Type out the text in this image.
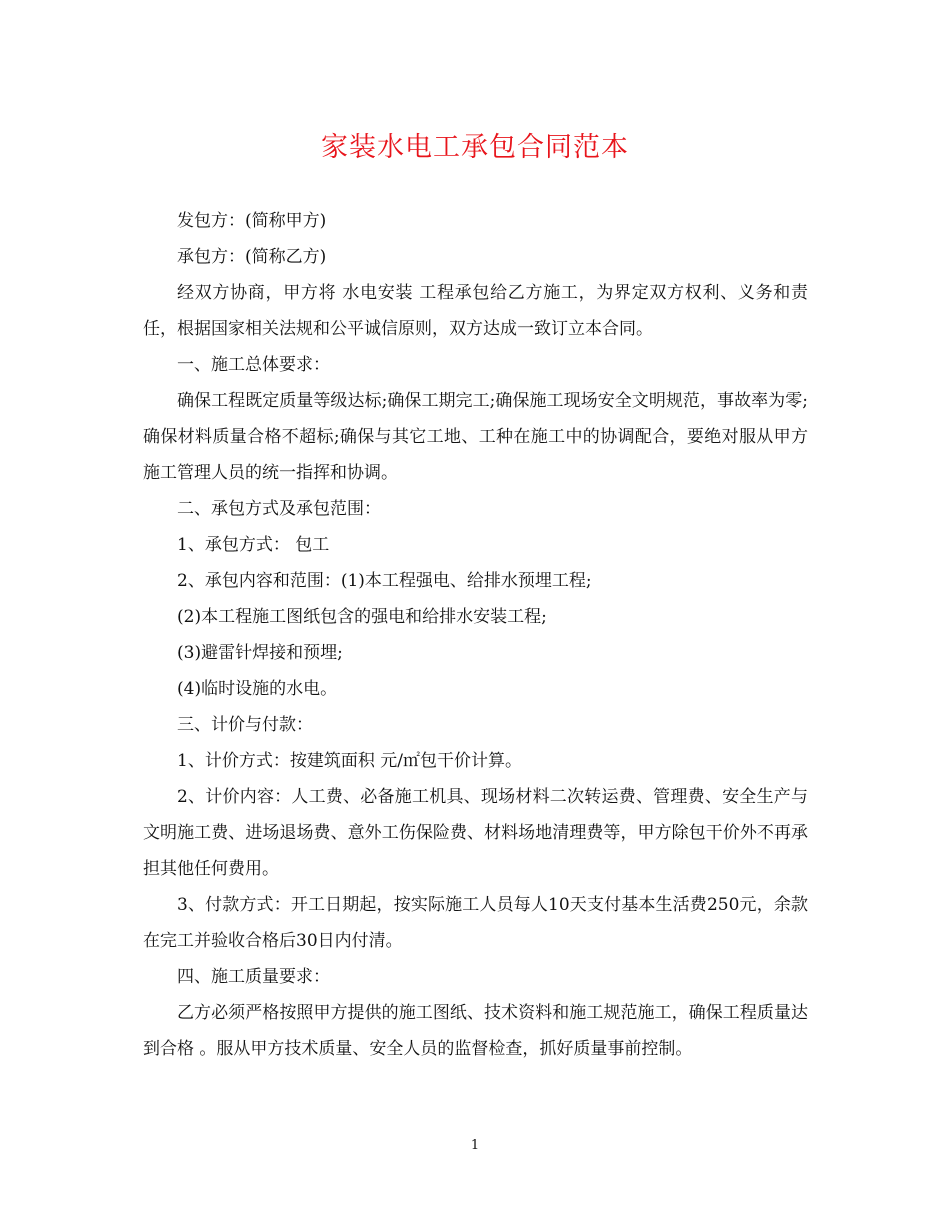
家装水电工承包合同范本

发包方：(简称甲方)

承包方：(简称乙方)

经双方协商，甲方将 水电安装 工程承包给乙方施工，为界定双方权利、义务和责任，根据国家相关法规和公平诚信原则，双方达成一致订立本合同。

一、施工总体要求：

确保工程既定质量等级达标;确保工期完工;确保施工现场安全文明规范，事故率为零;确保材料质量合格不超标;确保与其它工地、工种在施工中的协调配合，要绝对服从甲方施工管理人员的统一指挥和协调。

二、承包方式及承包范围：

1、承包方式： 包工

2、承包内容和范围：(1)本工程强电、给排水预埋工程;

(2)本工程施工图纸包含的强电和给排水安装工程;

(3)避雷针焊接和预埋;

(4)临时设施的水电。

三、计价与付款：

1、计价方式：按建筑面积 元/㎡包干价计算。

2、计价内容：人工费、必备施工机具、现场材料二次转运费、管理费、安全生产与文明施工费、进场退场费、意外工伤保险费、材料场地清理费等，甲方除包干价外不再承担其他任何费用。

3、付款方式：开工日期起，按实际施工人员每人10天支付基本生活费250元，余款在完工并验收合格后30日内付清。

四、施工质量要求：

乙方必须严格按照甲方提供的施工图纸、技术资料和施工规范施工，确保工程质量达到合格 。服从甲方技术质量、安全人员的监督检查，抓好质量事前控制。

1
